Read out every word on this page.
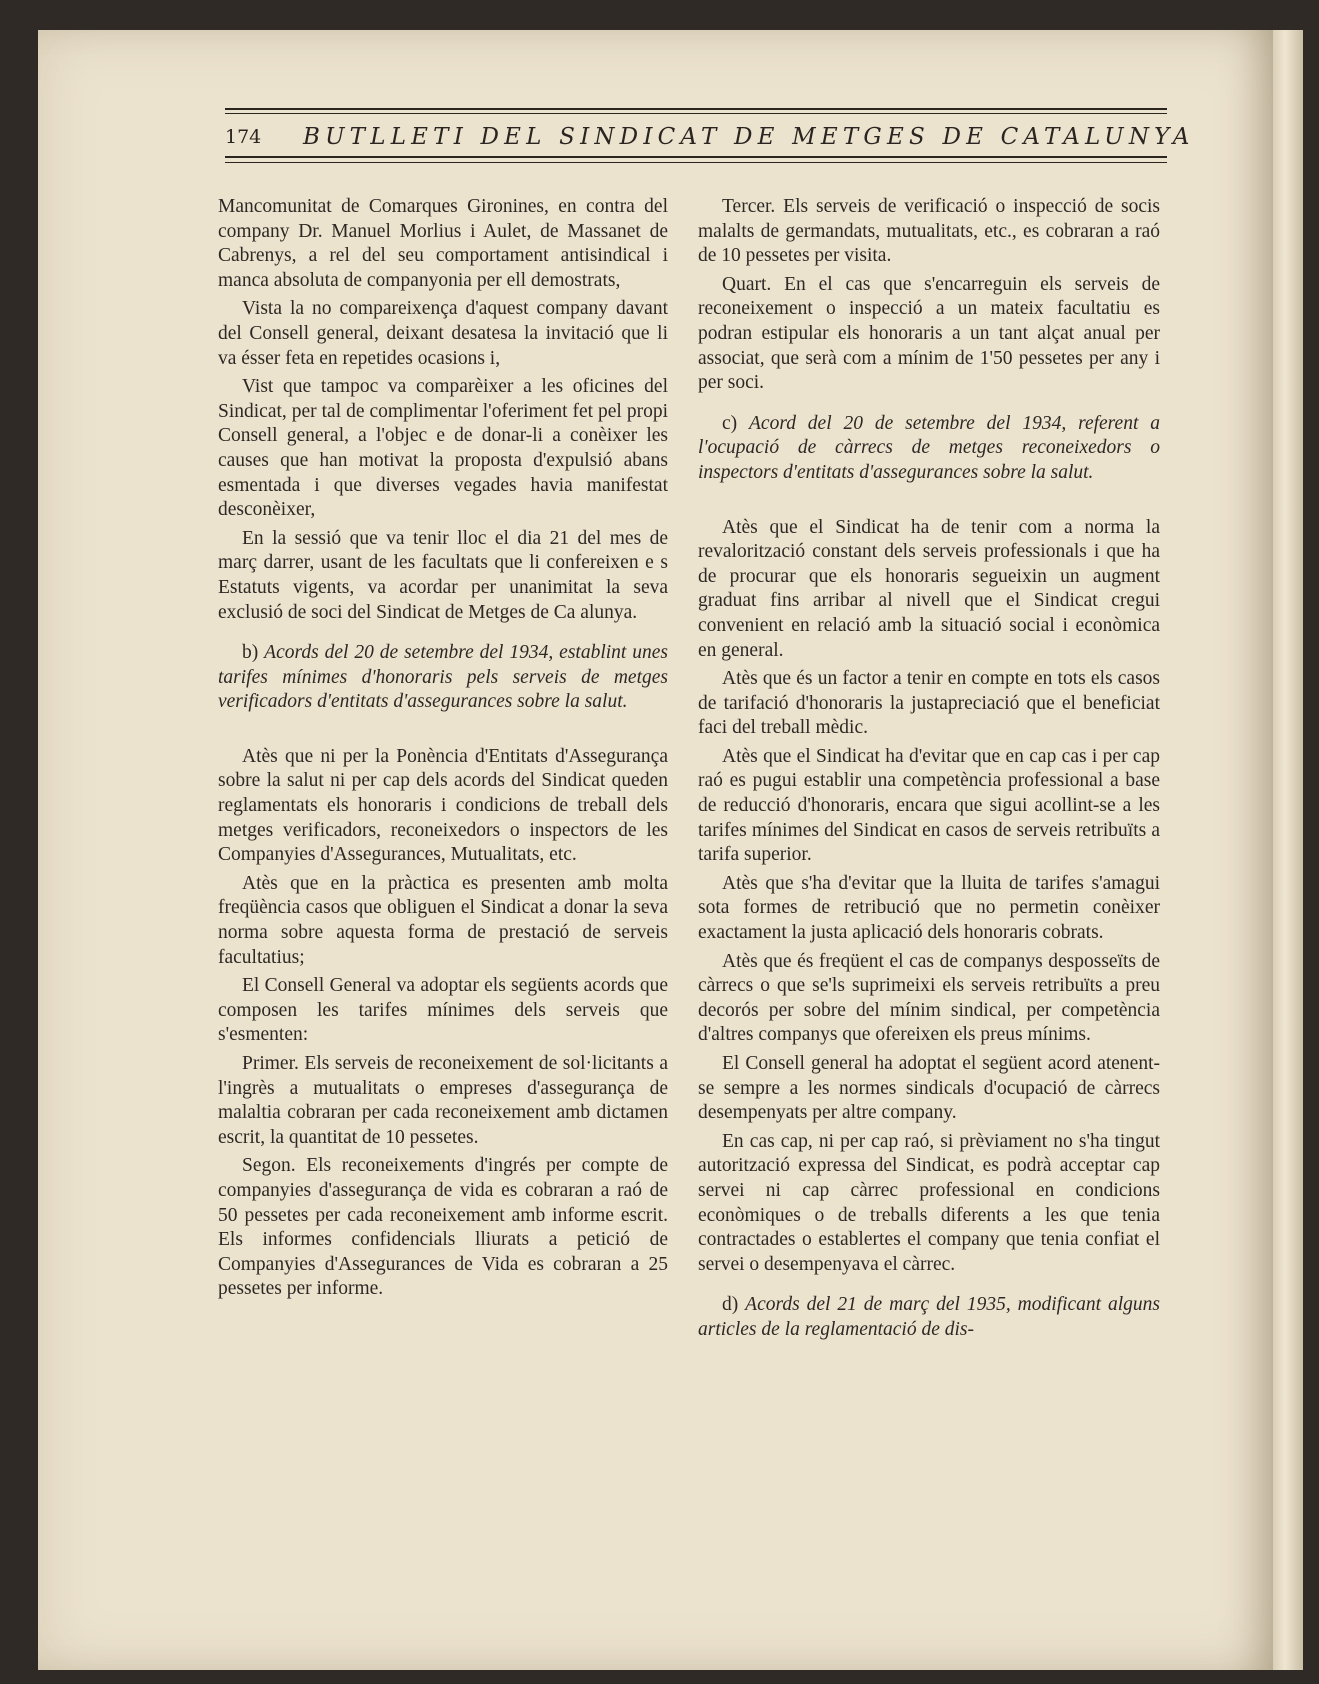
174 BUTLLETI DEL SINDICAT DE METGES DE CATALUNYA

Mancomunitat de Comarques Gironines, en contra del company Dr. Manuel Morlius i Aulet, de Massanet de Cabrenys, a rel del seu comportament antisindical i manca absoluta de companyonia per ell demostrats,

Vista la no compareixença d'aquest company davant del Consell general, deixant desatesa la invitació que li va ésser feta en repetides ocasions i,

Vist que tampoc va comparèixer a les oficines del Sindicat, per tal de complimentar l'oferiment fet pel propi Consell general, a l'objec e de donar-li a conèixer les causes que han motivat la proposta d'expulsió abans esmentada i que diverses vegades havia manifestat desconèixer,

En la sessió que va tenir lloc el dia 21 del mes de març darrer, usant de les facultats que li confereixen e s Estatuts vigents, va acordar per unanimitat la seva exclusió de soci del Sindicat de Metges de Ca alunya.

b) Acords del 20 de setembre del 1934, establint unes tarifes mínimes d'honoraris pels serveis de metges verificadors d'entitats d'assegurances sobre la salut.

Atès que ni per la Ponència d'Entitats d'Assegurança sobre la salut ni per cap dels acords del Sindicat queden reglamentats els honoraris i condicions de treball dels metges verificadors, reconeixedors o inspectors de les Companyies d'Assegurances, Mutualitats, etc.

Atès que en la pràctica es presenten amb molta freqüència casos que obliguen el Sindicat a donar la seva norma sobre aquesta forma de prestació de serveis facultatius;

El Consell General va adoptar els següents acords que composen les tarifes mínimes dels serveis que s'esmenten:

Primer. Els serveis de reconeixement de sol·licitants a l'ingrès a mutualitats o empreses d'assegurança de malaltia cobraran per cada reconeixement amb dictamen escrit, la quantitat de 10 pessetes.

Segon. Els reconeixements d'ingrés per compte de companyies d'assegurança de vida es cobraran a raó de 50 pessetes per cada reconeixement amb informe escrit. Els informes confidencials lliurats a petició de Companyies d'Assegurances de Vida es cobraran a 25 pessetes per informe.

Tercer. Els serveis de verificació o inspecció de socis malalts de germandats, mutualitats, etc., es cobraran a raó de 10 pessetes per visita.

Quart. En el cas que s'encarreguin els serveis de reconeixement o inspecció a un mateix facultatiu es podran estipular els honoraris a un tant alçat anual per associat, que serà com a mínim de 1'50 pessetes per any i per soci.

c) Acord del 20 de setembre del 1934, referent a l'ocupació de càrrecs de metges reconeixedors o inspectors d'entitats d'assegurances sobre la salut.

Atès que el Sindicat ha de tenir com a norma la revalorització constant dels serveis professionals i que ha de procurar que els honoraris segueixin un augment graduat fins arribar al nivell que el Sindicat cregui convenient en relació amb la situació social i econòmica en general.

Atès que és un factor a tenir en compte en tots els casos de tarifació d'honoraris la justapreciació que el beneficiat faci del treball mèdic.

Atès que el Sindicat ha d'evitar que en cap cas i per cap raó es pugui establir una competència professional a base de reducció d'honoraris, encara que sigui acollint-se a les tarifes mínimes del Sindicat en casos de serveis retribuïts a tarifa superior.

Atès que s'ha d'evitar que la lluita de tarifes s'amagui sota formes de retribució que no permetin conèixer exactament la justa aplicació dels honoraris cobrats.

Atès que és freqüent el cas de companys desposseïts de càrrecs o que se'ls suprimeixi els serveis retribuïts a preu decorós per sobre del mínim sindical, per competència d'altres companys que ofereixen els preus mínims.

El Consell general ha adoptat el següent acord atenent-se sempre a les normes sindicals d'ocupació de càrrecs desempenyats per altre company.

En cas cap, ni per cap raó, si prèviament no s'ha tingut autorització expressa del Sindicat, es podrà acceptar cap servei ni cap càrrec professional en condicions econòmiques o de treballs diferents a les que tenia contractades o establertes el company que tenia confiat el servei o desempenyava el càrrec.

d) Acords del 21 de març del 1935, modificant alguns articles de la reglamentació de dis-
